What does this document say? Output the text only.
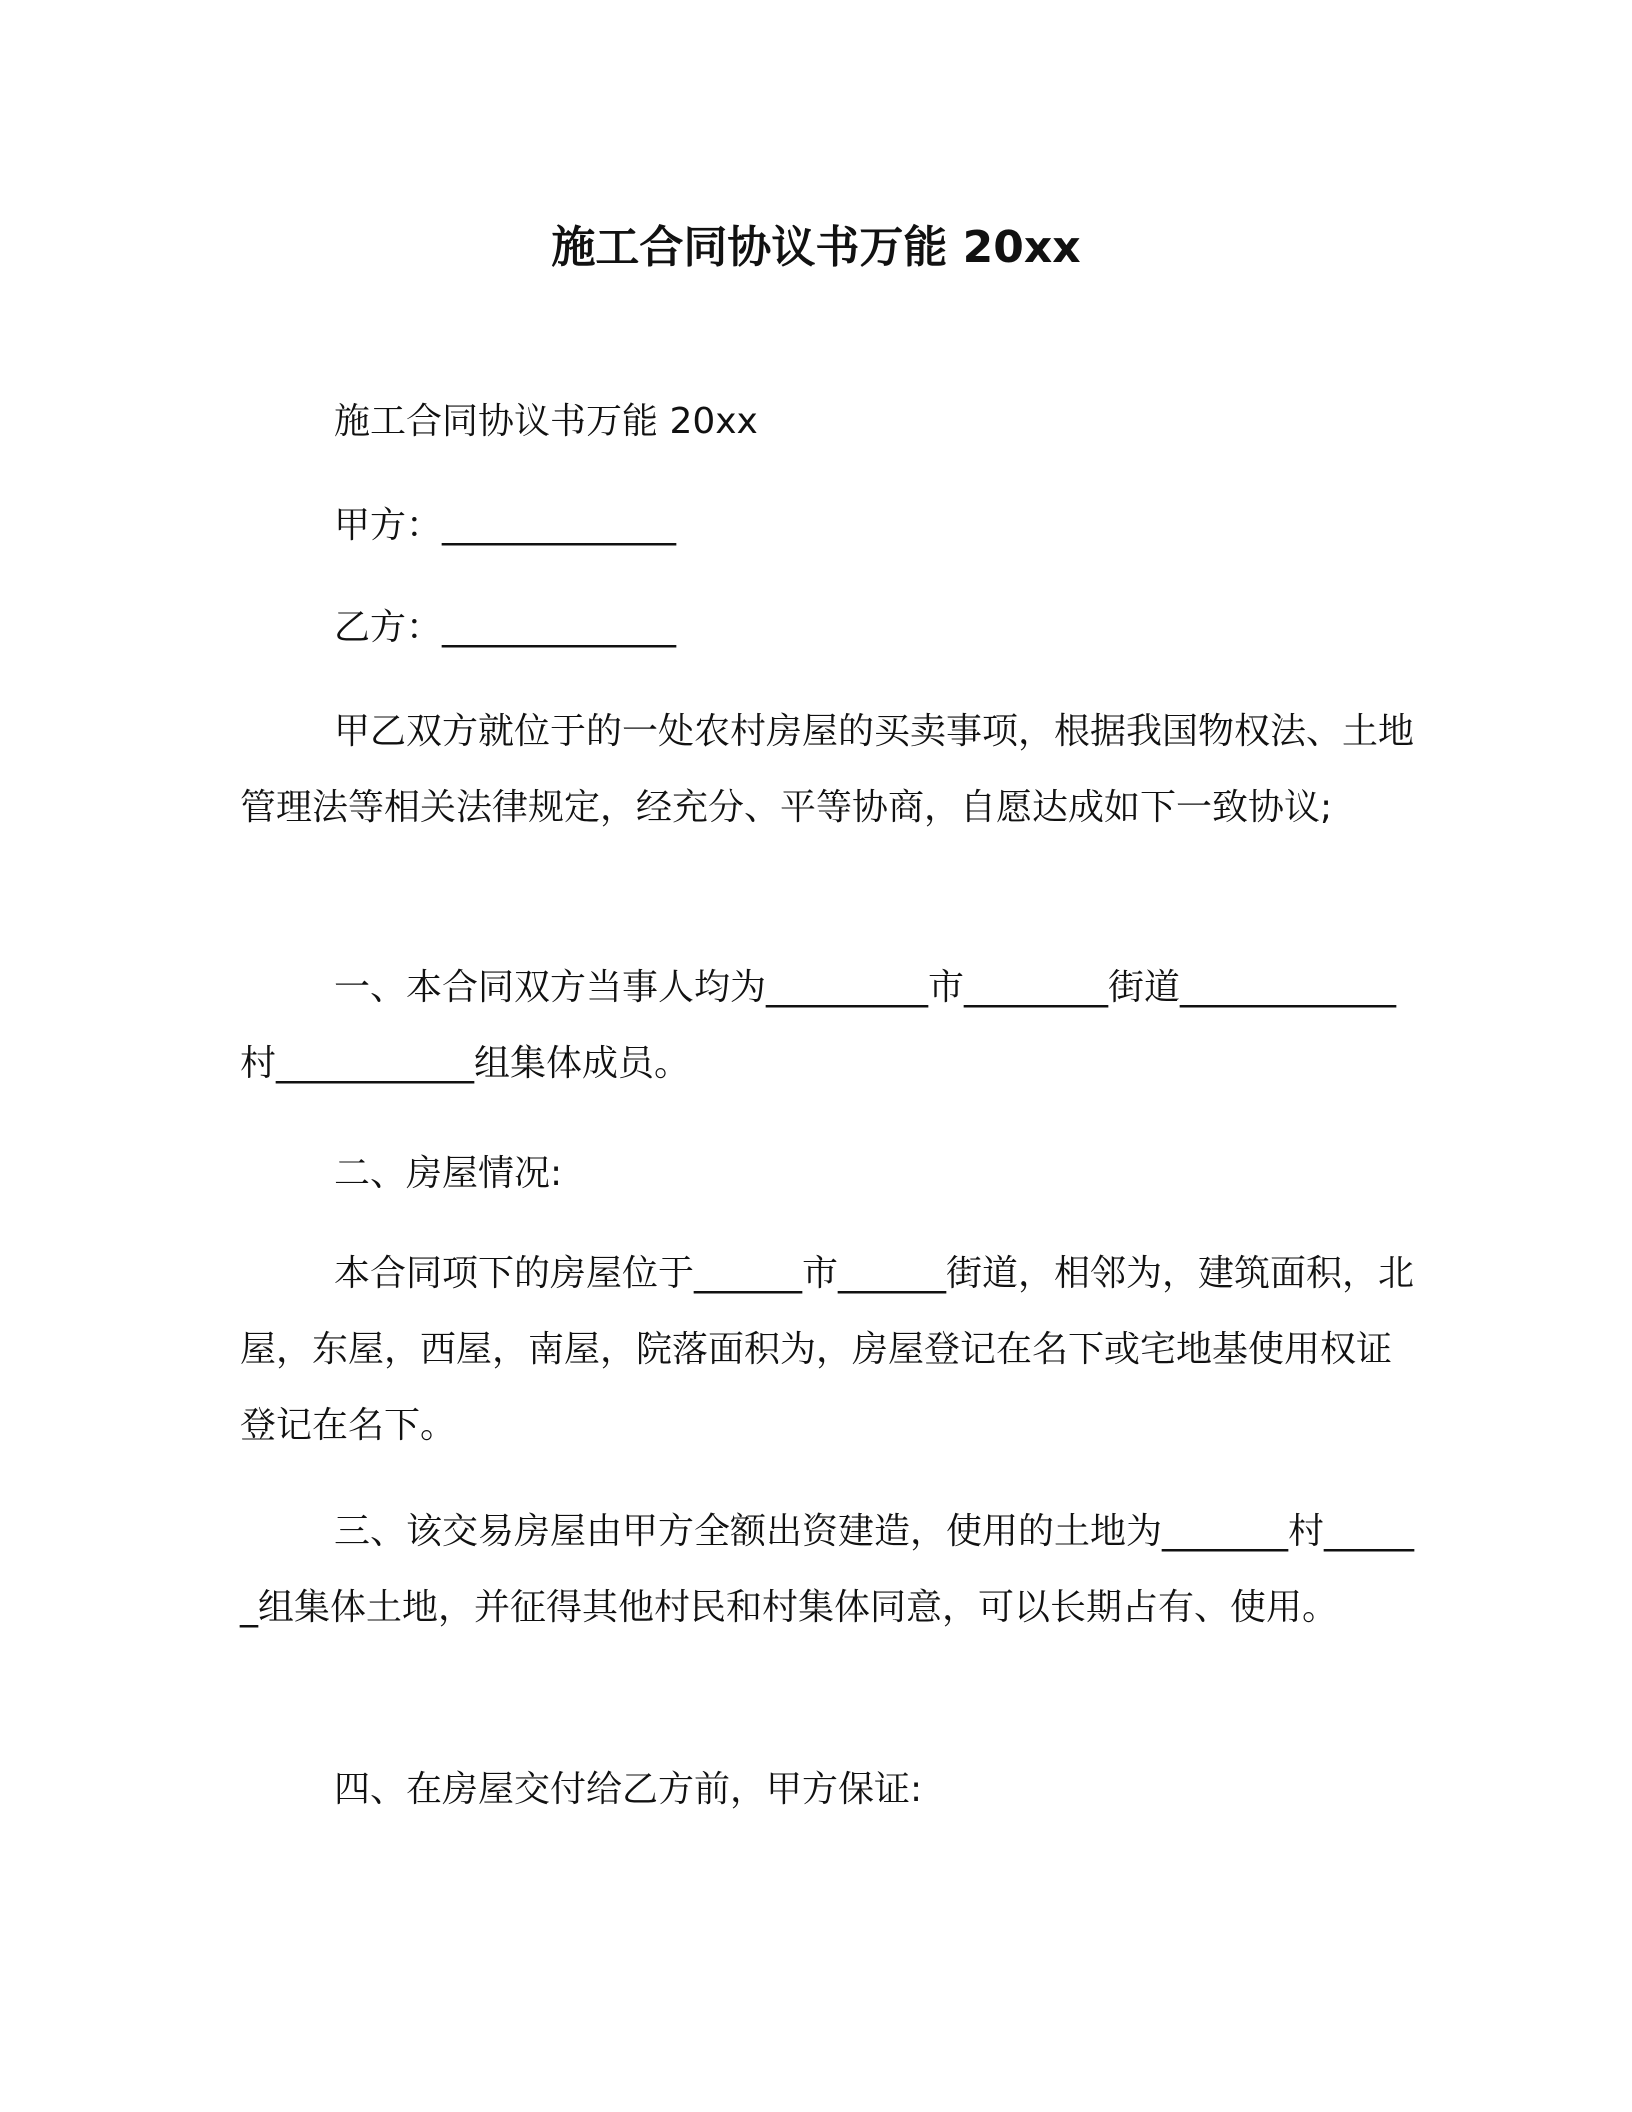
施工合同协议书万能 20xx
施工合同协议书万能 20xx
甲方：_____________
乙方：_____________
甲乙双方就位于的一处农村房屋的买卖事项，根据我国物权法、土地管理法等相关法律规定，经充分、平等协商，自愿达成如下一致协议;
一、本合同双方当事人均为_________市________街道____________村___________组集体成员。
二、房屋情况:
本合同项下的房屋位于______市______街道，相邻为，建筑面积，北屋，东屋，西屋，南屋，院落面积为，房屋登记在名下或宅地基使用权证登记在名下。
三、该交易房屋由甲方全额出资建造，使用的土地为_______村______组集体土地，并征得其他村民和村集体同意，可以长期占有、使用。
四、在房屋交付给乙方前，甲方保证:
